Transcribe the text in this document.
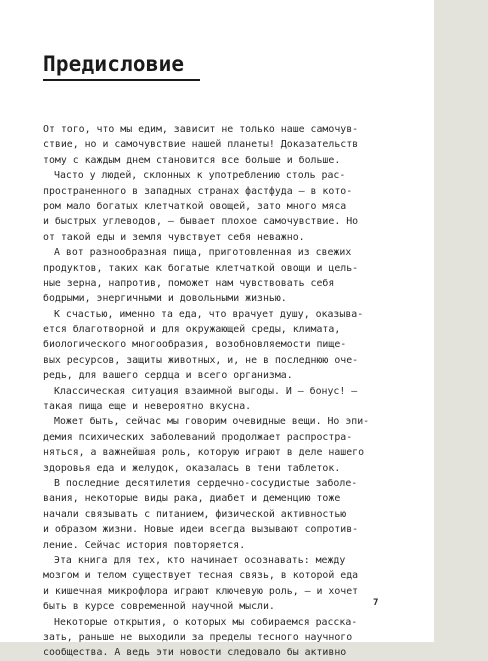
Предисловие
От того, что мы едим, зависит не только наше самочув-
ствие, но и самочувствие нашей планеты! Доказательств
тому с каждым днем становится все больше и больше.
Часто у людей, склонных к употреблению столь рас-
пространенного в западных странах фастфуда — в кото-
ром мало богатых клетчаткой овощей, зато много мяса
и быстрых углеводов, — бывает плохое самочувствие. Но
от такой еды и земля чувствует себя неважно.
А вот разнообразная пища, приготовленная из свежих
продуктов, таких как богатые клетчаткой овощи и цель-
ные зерна, напротив, поможет нам чувствовать себя
бодрыми, энергичными и довольными жизнью.
К счастью, именно та еда, что врачует душу, оказыва-
ется благотворной и для окружающей среды, климата,
биологического многообразия, возобновляемости пище-
вых ресурсов, защиты животных, и, не в последнюю оче-
редь, для вашего сердца и всего организма.
Классическая ситуация взаимной выгоды. И — бонус! —
такая пища еще и невероятно вкусна.
Может быть, сейчас мы говорим очевидные вещи. Но эпи-
демия психических заболеваний продолжает распростра-
няться, а важнейшая роль, которую играют в деле нашего
здоровья еда и желудок, оказалась в тени таблеток.
В последние десятилетия сердечно-сосудистые заболе-
вания, некоторые виды рака, диабет и деменцию тоже
начали связывать с питанием, физической активностью
и образом жизни. Новые идеи всегда вызывают сопротив-
ление. Сейчас история повторяется.
Эта книга для тех, кто начинает осознавать: между
мозгом и телом существует тесная связь, в которой еда
и кишечная микрофлора играют ключевую роль, — и хочет
быть в курсе современной научной мысли.
Некоторые открытия, о которых мы собираемся расска-
зать, раньше не выходили за пределы тесного научного
сообщества. А ведь эти новости следовало бы активно
7
